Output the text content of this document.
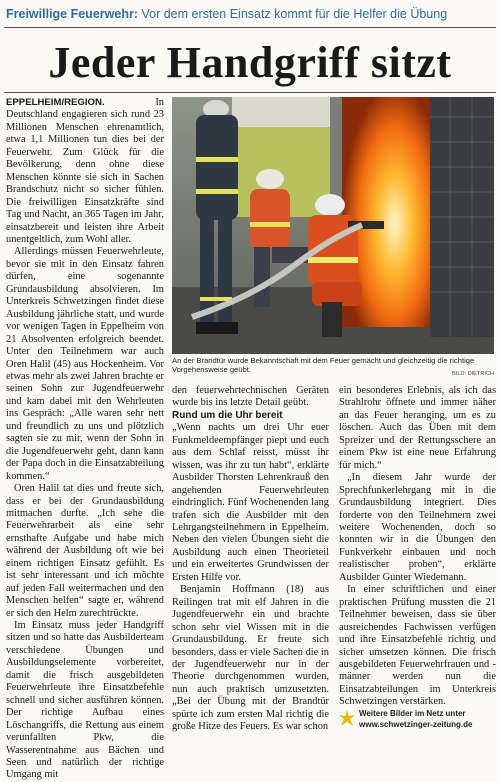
Freiwillige Feuerwehr: Vor dem ersten Einsatz kommt für die Helfer die Übung
Jeder Handgriff sitzt

EPPELHEIM/REGION.	In Deutschland engagieren sich rund 23 Millionen Menschen ehrenamtlich, etwa 1,1 Millionen tun dies bei der Feuerwehr. Zum Glück für die Bevölkerung, denn ohne diese Menschen könnte sie sich in Sachen Brandschutz nicht so sicher fühlen. Die freiwilligen Einsatzkräfte sind Tag und Nacht, an 365 Tagen im Jahr, einsatzbereit und leisten ihre Arbeit unentgeltlich, zum Wohl aller.

Allerdings müssen Feuerwehrleute, bevor sie mit in den Einsatz fahren dürfen, eine sogenannte Grundausbildung absolvieren. Im Unterkreis Schwetzingen findet diese Ausbildung jährliche statt, und wurde vor wenigen Tagen in Eppelheim von 21 Absolventen erfolgreich beendet. Unter den Teilnehmern war auch Oren Halil (45) aus Hockenheim. Vor etwas mehr als zwei Jahren brachte er seinen Sohn zur Jugendfeuerwehr und kam dabei mit den Wehrleuten ins Gespräch: „Alle waren sehr nett und freundlich zu uns und plötzlich sagten sie zu mir, wenn der Sohn in die Jugendfeuerwehr geht, dann kann der Papa doch in die Einsatzabteilung kommen.“

Oren Halil tat dies und freute sich, dass er bei der Grundausbildung mitmachen durfte. „Ich sehe die Feuerwehrarbeit als eine sehr ernsthafte Aufgabe und habe mich während der Ausbildung oft wie bei einem richtigen Einsatz gefühlt. Es ist sehr interessant und ich möchte auf jeden Fall weitermachen und den Menschen helfen“ sagte er, während er sich den Helm zurechtrückte.

Im Einsatz muss jeder Handgriff sitzen und so hatte das Ausbilderteam verschiedene Übungen und Ausbildungselemente vorbereitet, damit die frisch ausgebildeten Feuerwehrleute ihre Einsatzbefehle schnell und sicher ausführen können. Der richtige Aufbau eines Löschangriffs, die Rettung aus einem verunfallten Pkw, die Wasserentnahme aus Bächen und Seen und natürlich der richtige Umgang mit

An der Brandtür wurde Bekanntschaft mit dem Feuer gemacht und gleichzeitig die richtige Vorgehensweise geübt.	BILD: DIETRICH

den feuerwehrtechnischen Geräten wurde bis ins letzte Detail geübt.

Rund um die Uhr bereit

„Wenn nachts um drei Uhr euer Funkmeldeempfänger piept und euch aus dem Schlaf reisst, müsst ihr wissen, was ihr zu tun habt“, erklärte Ausbilder Thorsten Lehrenkrauß den angehenden Feuerwehrleuten eindringlich. Fünf Wochenenden lang trafen sich die Ausbilder mit den Lehrgangsteilnehmern in Eppelheim. Neben den vielen Übungen sieht die Ausbildung auch einen Theorieteil und ein erweitertes Grundwissen der Ersten Hilfe vor.

Benjamin Hoffmann (18) aus Reilingen trat mit elf Jahren in die Jugendfeuerwehr ein und brachte schon sehr viel Wissen mit in die Grundausbildung. Er freute sich besonders, dass er viele Sachen die in der Jugendfeuerwehr nur in der Theorie durchgenommen wurden, nun auch praktisch umzusetzten. „Bei der Übung mit der Brandtür spürte ich zum ersten Mal richtig die große Hitze des Feuers. Es war schon

ein besonderes Erlebnis, als ich das Strahlrohr öffnete und immer näher an das Feuer heranging, um es zu löschen. Auch das Üben mit dem Spreizer und der Rettungsschere an einem Pkw ist eine neue Erfahrung für mich.“

„In diesem Jahr wurde der Sprechfunkerlehrgang mit in die Grundausbildung integriert. Dies forderte von den Teilnehmern zwei weitere Wochenenden, doch so konnten wir in die Übungen den Funkverkehr einbauen und noch realistischer proben“, erklärte Ausbilder Gunter Wiedemann.

In einer schriftlichen und einer praktischen Prüfung mussten die 21 Teilnehmer beweisen, dass sie über ausreichendes Fachwissen verfügen und ihre Einsatzbefehle richtig und sicher umsetzen können. Die frisch ausgebildeten Feuerwehrfrauen und -männer werden nun die Einsatzabteilungen im Unterkreis Schwetzingen verstärken.

Weitere Bilder im Netz unter
www.schwetzinger-zeitung.de
